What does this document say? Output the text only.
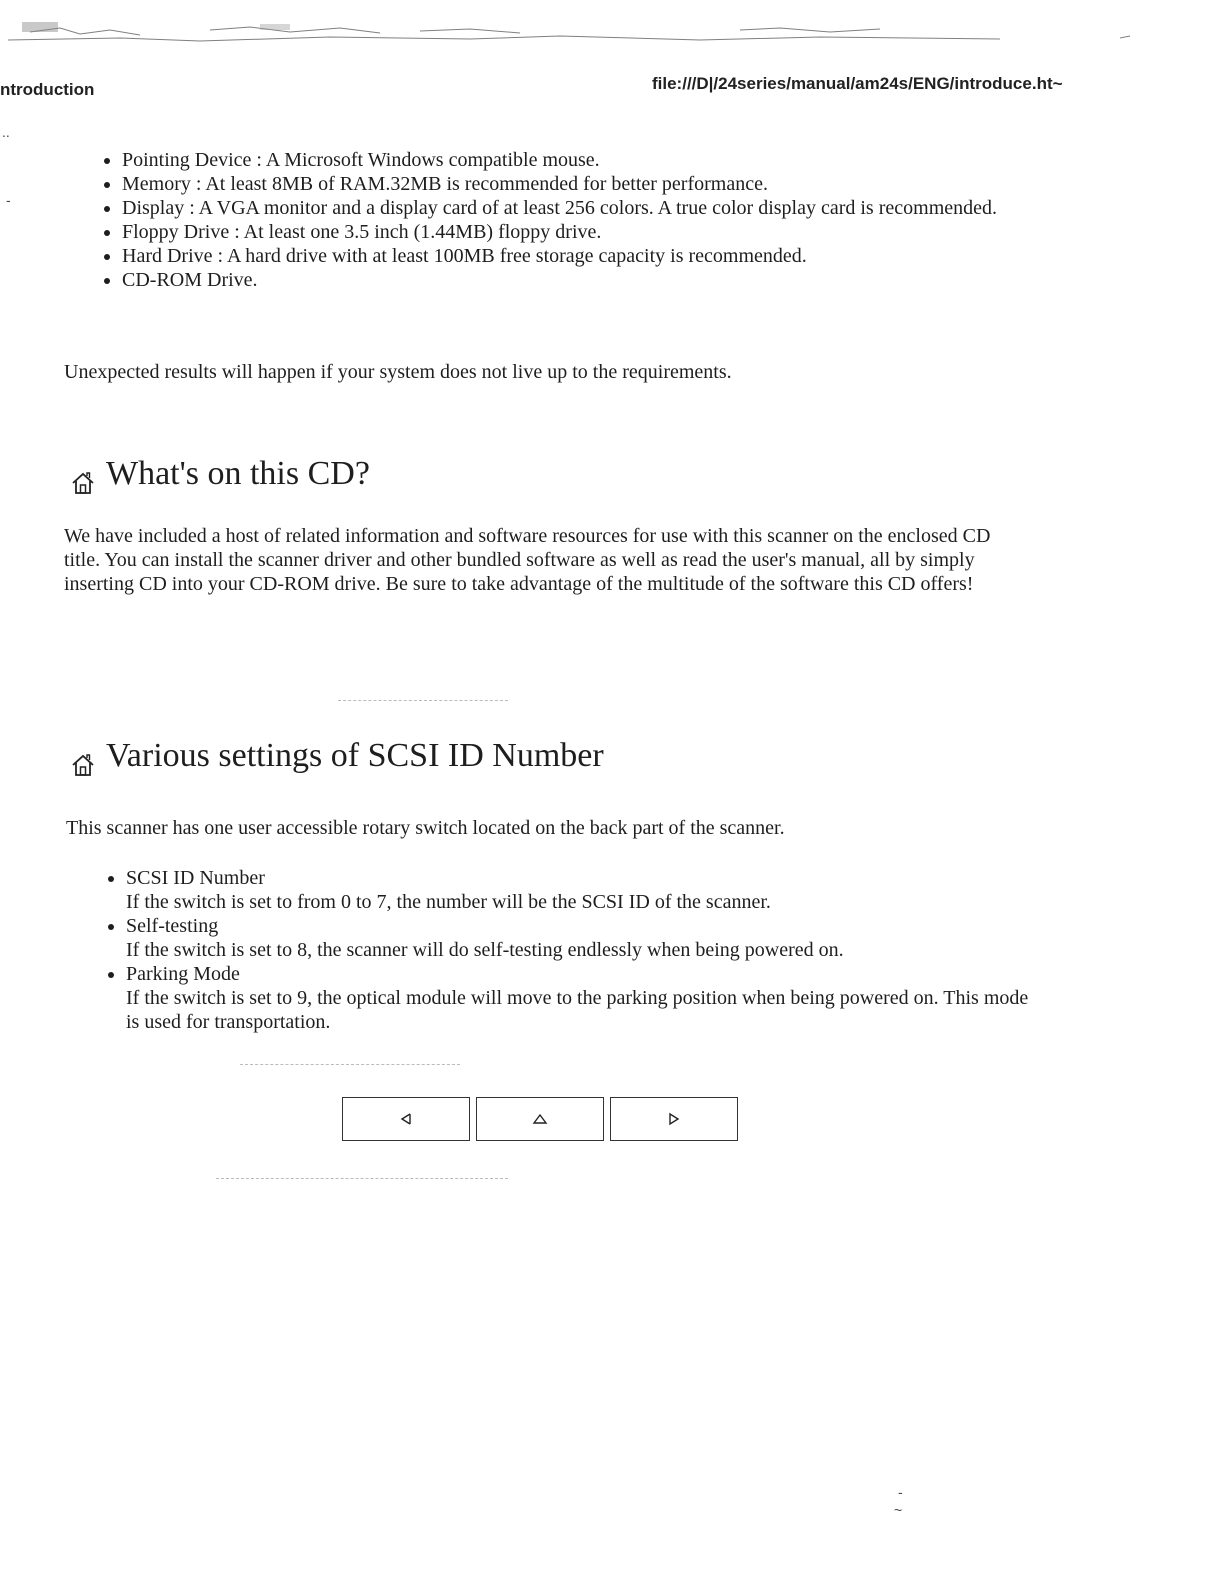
ntroduction	file:///D|/24series/manual/am24s/ENG/introduce.ht~
..
-
• Pointing Device : A Microsoft Windows compatible mouse.
• Memory : At least 8MB of RAM.32MB is recommended for better performance.
• Display : A VGA monitor and a display card of at least 256 colors. A true color display card is recommended.
• Floppy Drive : At least one 3.5 inch (1.44MB) floppy drive.
• Hard Drive : A hard drive with at least 100MB free storage capacity is recommended.
• CD-ROM Drive.

Unexpected results will happen if your system does not live up to the requirements.

What's on this CD?

We have included a host of related information and software resources for use with this scanner on the enclosed CD title. You can install the scanner driver and other bundled software as well as read the user's manual, all by simply inserting CD into your CD-ROM drive. Be sure to take advantage of the multitude of the software this CD offers!

Various settings of SCSI ID Number

This scanner has one user accessible rotary switch located on the back part of the scanner.

• SCSI ID Number
If the switch is set to from 0 to 7, the number will be the SCSI ID of the scanner.
• Self-testing
If the switch is set to 8, the scanner will do self-testing endlessly when being powered on.
• Parking Mode
If the switch is set to 9, the optical module will move to the parking position when being powered on. This mode is used for transportation.
-
~
